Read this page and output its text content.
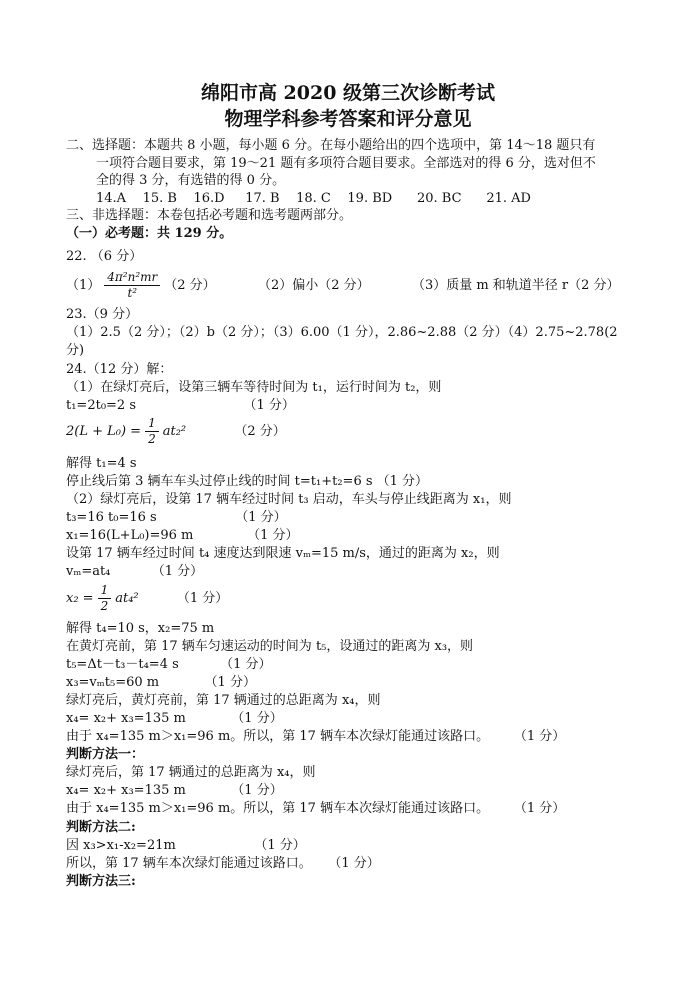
绵阳市高 2020 级第三次诊断考试
物理学科参考答案和评分意见
二、选择题：本题共 8 小题，每小题 6 分。在每小题给出的四个选项中，第 14～18 题只有
一项符合题目要求，第 19～21 题有多项符合题目要求。全部选对的得 6 分，选对但不
全的得 3 分，有选错的得 0 分。
14.A    15. B    16.D     17. B    18. C    19. BD      20. BC      21. AD
三、非选择题：本卷包括必考题和选考题两部分。
（一）必考题：共 129 分。
22. （6 分）
$(1) \frac{\text{4π²n²mr}}{\text{t²}} (2$ 分）	（2）偏小（2 分）	（3）质量 m 和轨道半径 r（2 分）
23.（9 分）
（1）2.5（2 分）；（2）b（2 分）；（3）6.00（1 分），2.86~2.88（2 分）（4）2.75~2.78(2
分)
24.（12 分）解：
（1）在绿灯亮后，设第三辆车等待时间为 t₁，运行时间为 t₂，则
t₁=2t₀=2 s                          （1 分）
$2(L + L_0) = \frac{1}{2} at_2^2$	（2 分）
解得 t₁=4 s
停止线后第 3 辆车车头过停止线的时间 t=t₁+t₂=6 s （1 分）
（2）绿灯亮后，设第 17 辆车经过时间 t₃ 启动，车头与停止线距离为 x₁，则
t₃=16 t₀=16 s                   （1 分）
x₁=16(L+L₀)=96 m             （1 分）
设第 17 辆车经过时间 t₄ 速度达到限速 vₘ=15 m/s，通过的距离为 x₂，则
vₘ=at₄          （1 分）
$x_2 = \frac{1}{2} at_4^2$	（1 分）
解得 t₄=10 s，x₂=75 m
在黄灯亮前，第 17 辆车匀速运动的时间为 t₅，设通过的距离为 x₃，则
t₅=Δt－t₃－t₄=4 s          （1 分）
x₃=vₘt₅=60 m           （1 分）
绿灯亮后，黄灯亮前，第 17 辆通过的总距离为 x₄，则
x₄= x₂+ x₃=135 m           （1 分）
由于 x₄=135 m＞x₁=96 m。所以，第 17 辆车本次绿灯能通过该路口。      （1 分）
判断方法一：
绿灯亮后，第 17 辆通过的总距离为 x₄，则
x₄= x₂+ x₃=135 m           （1 分）
由于 x₄=135 m＞x₁=96 m。所以，第 17 辆车本次绿灯能通过该路口。      （1 分）
判断方法二:
因 x₃>x₁-x₂=21m                   （1 分）
所以，第 17 辆车本次绿灯能通过该路口。    （1 分）
判断方法三:
